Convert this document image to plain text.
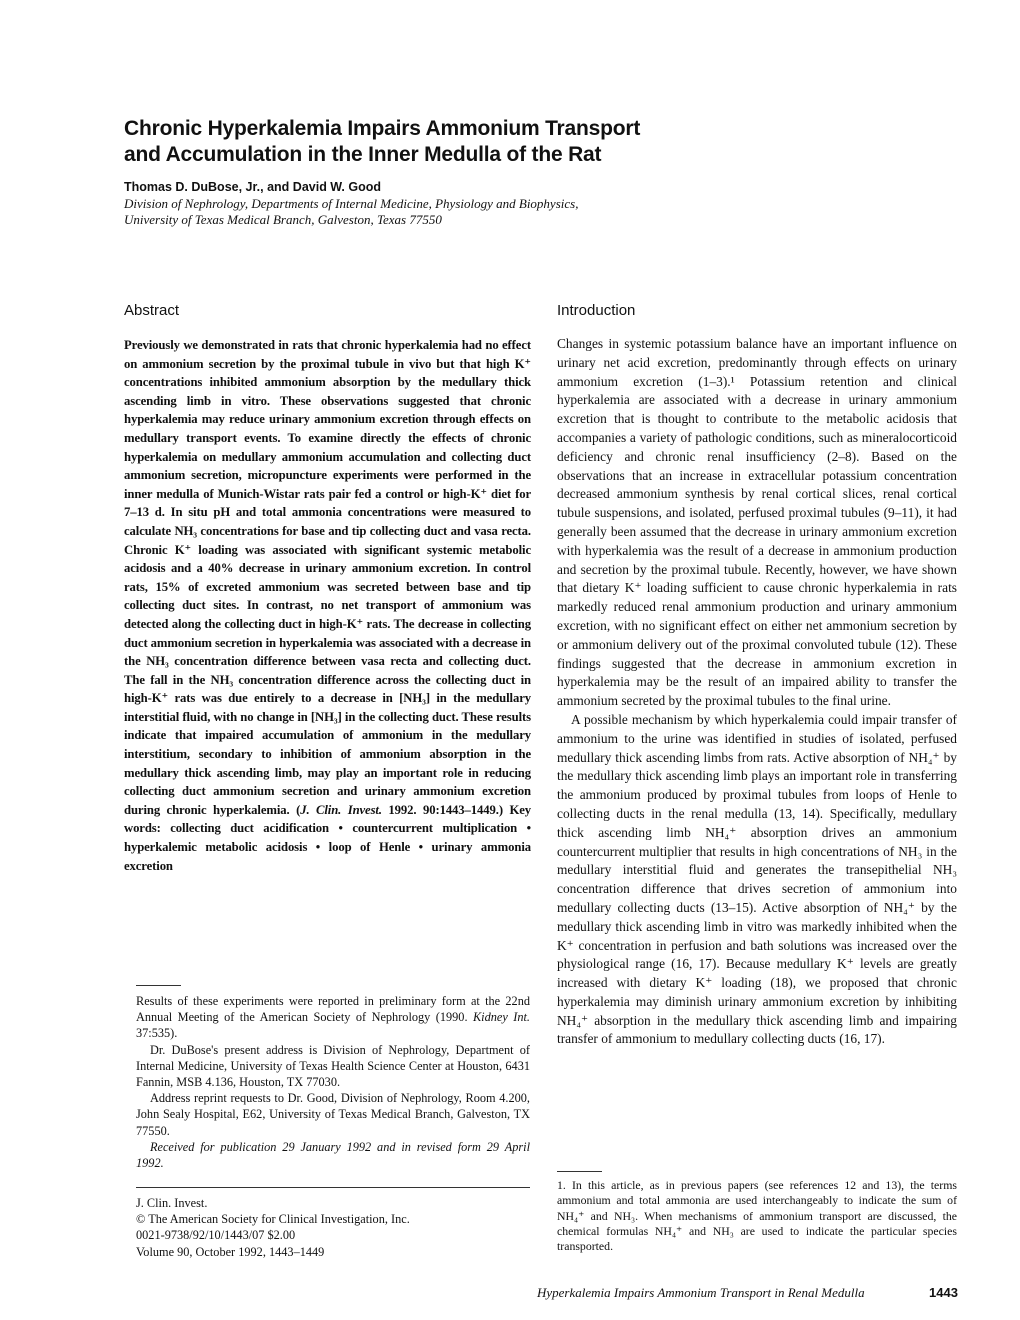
Chronic Hyperkalemia Impairs Ammonium Transport
and Accumulation in the Inner Medulla of the Rat
Thomas D. DuBose, Jr., and David W. Good
Division of Nephrology, Departments of Internal Medicine, Physiology and Biophysics,
University of Texas Medical Branch, Galveston, Texas 77550
Abstract
Previously we demonstrated in rats that chronic hyperkalemia had no effect on ammonium secretion by the proximal tubule in vivo but that high K⁺ concentrations inhibited ammonium absorption by the medullary thick ascending limb in vitro. These observations suggested that chronic hyperkalemia may reduce urinary ammonium excretion through effects on medullary transport events. To examine directly the effects of chronic hyperkalemia on medullary ammonium accumulation and collecting duct ammonium secretion, micropuncture experiments were performed in the inner medulla of Munich-Wistar rats pair fed a control or high-K⁺ diet for 7–13 d. In situ pH and total ammonia concentrations were measured to calculate NH₃ concentrations for base and tip collecting duct and vasa recta. Chronic K⁺ loading was associated with significant systemic metabolic acidosis and a 40% decrease in urinary ammonium excretion. In control rats, 15% of excreted ammonium was secreted between base and tip collecting duct sites. In contrast, no net transport of ammonium was detected along the collecting duct in high-K⁺ rats. The decrease in collecting duct ammonium secretion in hyperkalemia was associated with a decrease in the NH₃ concentration difference between vasa recta and collecting duct. The fall in the NH₃ concentration difference across the collecting duct in high-K⁺ rats was due entirely to a decrease in [NH₃] in the medullary interstitial fluid, with no change in [NH₃] in the collecting duct. These results indicate that impaired accumulation of ammonium in the medullary interstitium, secondary to inhibition of ammonium absorption in the medullary thick ascending limb, may play an important role in reducing collecting duct ammonium secretion and urinary ammonium excretion during chronic hyperkalemia. (J. Clin. Invest. 1992. 90:1443–1449.) Key words: collecting duct acidification • countercurrent multiplication • hyperkalemic metabolic acidosis • loop of Henle • urinary ammonia excretion
Introduction

Changes in systemic potassium balance have an important influence on urinary net acid excretion, predominantly through effects on urinary ammonium excretion (1–3).¹ Potassium retention and clinical hyperkalemia are associated with a decrease in urinary ammonium excretion that is thought to contribute to the metabolic acidosis that accompanies a variety of pathologic conditions, such as mineralocorticoid deficiency and chronic renal insufficiency (2–8). Based on the observations that an increase in extracellular potassium concentration decreased ammonium synthesis by renal cortical slices, renal cortical tubule suspensions, and isolated, perfused proximal tubules (9–11), it had generally been assumed that the decrease in urinary ammonium excretion with hyperkalemia was the result of a decrease in ammonium production and secretion by the proximal tubule. Recently, however, we have shown that dietary K⁺ loading sufficient to cause chronic hyperkalemia in rats markedly reduced renal ammonium production and urinary ammonium excretion, with no significant effect on either net ammonium secretion by or ammonium delivery out of the proximal convoluted tubule (12). These findings suggested that the decrease in ammonium excretion in hyperkalemia may be the result of an impaired ability to transfer the ammonium secreted by the proximal tubules to the final urine.

A possible mechanism by which hyperkalemia could impair transfer of ammonium to the urine was identified in studies of isolated, perfused medullary thick ascending limbs from rats. Active absorption of NH₄⁺ by the medullary thick ascending limb plays an important role in transferring the ammonium produced by proximal tubules from loops of Henle to collecting ducts in the renal medulla (13, 14). Specifically, medullary thick ascending limb NH₄⁺ absorption drives an ammonium countercurrent multiplier that results in high concentrations of NH₃ in the medullary interstitial fluid and generates the transepithelial NH₃ concentration difference that drives secretion of ammonium into medullary collecting ducts (13–15). Active absorption of NH₄⁺ by the medullary thick ascending limb in vitro was markedly inhibited when the K⁺ concentration in perfusion and bath solutions was increased over the physiological range (16, 17). Because medullary K⁺ levels are greatly increased with dietary K⁺ loading (18), we proposed that chronic hyperkalemia may diminish urinary ammonium excretion by inhibiting NH₄⁺ absorption in the medullary thick ascending limb and impairing transfer of ammonium to medullary collecting ducts (16, 17).

Results of these experiments were reported in preliminary form at the 22nd Annual Meeting of the American Society of Nephrology (1990. Kidney Int. 37:535).

Dr. DuBose's present address is Division of Nephrology, Department of Internal Medicine, University of Texas Health Science Center at Houston, 6431 Fannin, MSB 4.136, Houston, TX 77030.

Address reprint requests to Dr. Good, Division of Nephrology, Room 4.200, John Sealy Hospital, E62, University of Texas Medical Branch, Galveston, TX 77550.

Received for publication 29 January 1992 and in revised form 29 April 1992.

J. Clin. Invest.
© The American Society for Clinical Investigation, Inc.
0021-9738/92/10/1443/07 $2.00
Volume 90, October 1992, 1443–1449
1. In this article, as in previous papers (see references 12 and 13), the terms ammonium and total ammonia are used interchangeably to indicate the sum of NH₄⁺ and NH₃. When mechanisms of ammonium transport are discussed, the chemical formulas NH₄⁺ and NH₃ are used to indicate the particular species transported.
Hyperkalemia Impairs Ammonium Transport in Renal Medulla	1443
